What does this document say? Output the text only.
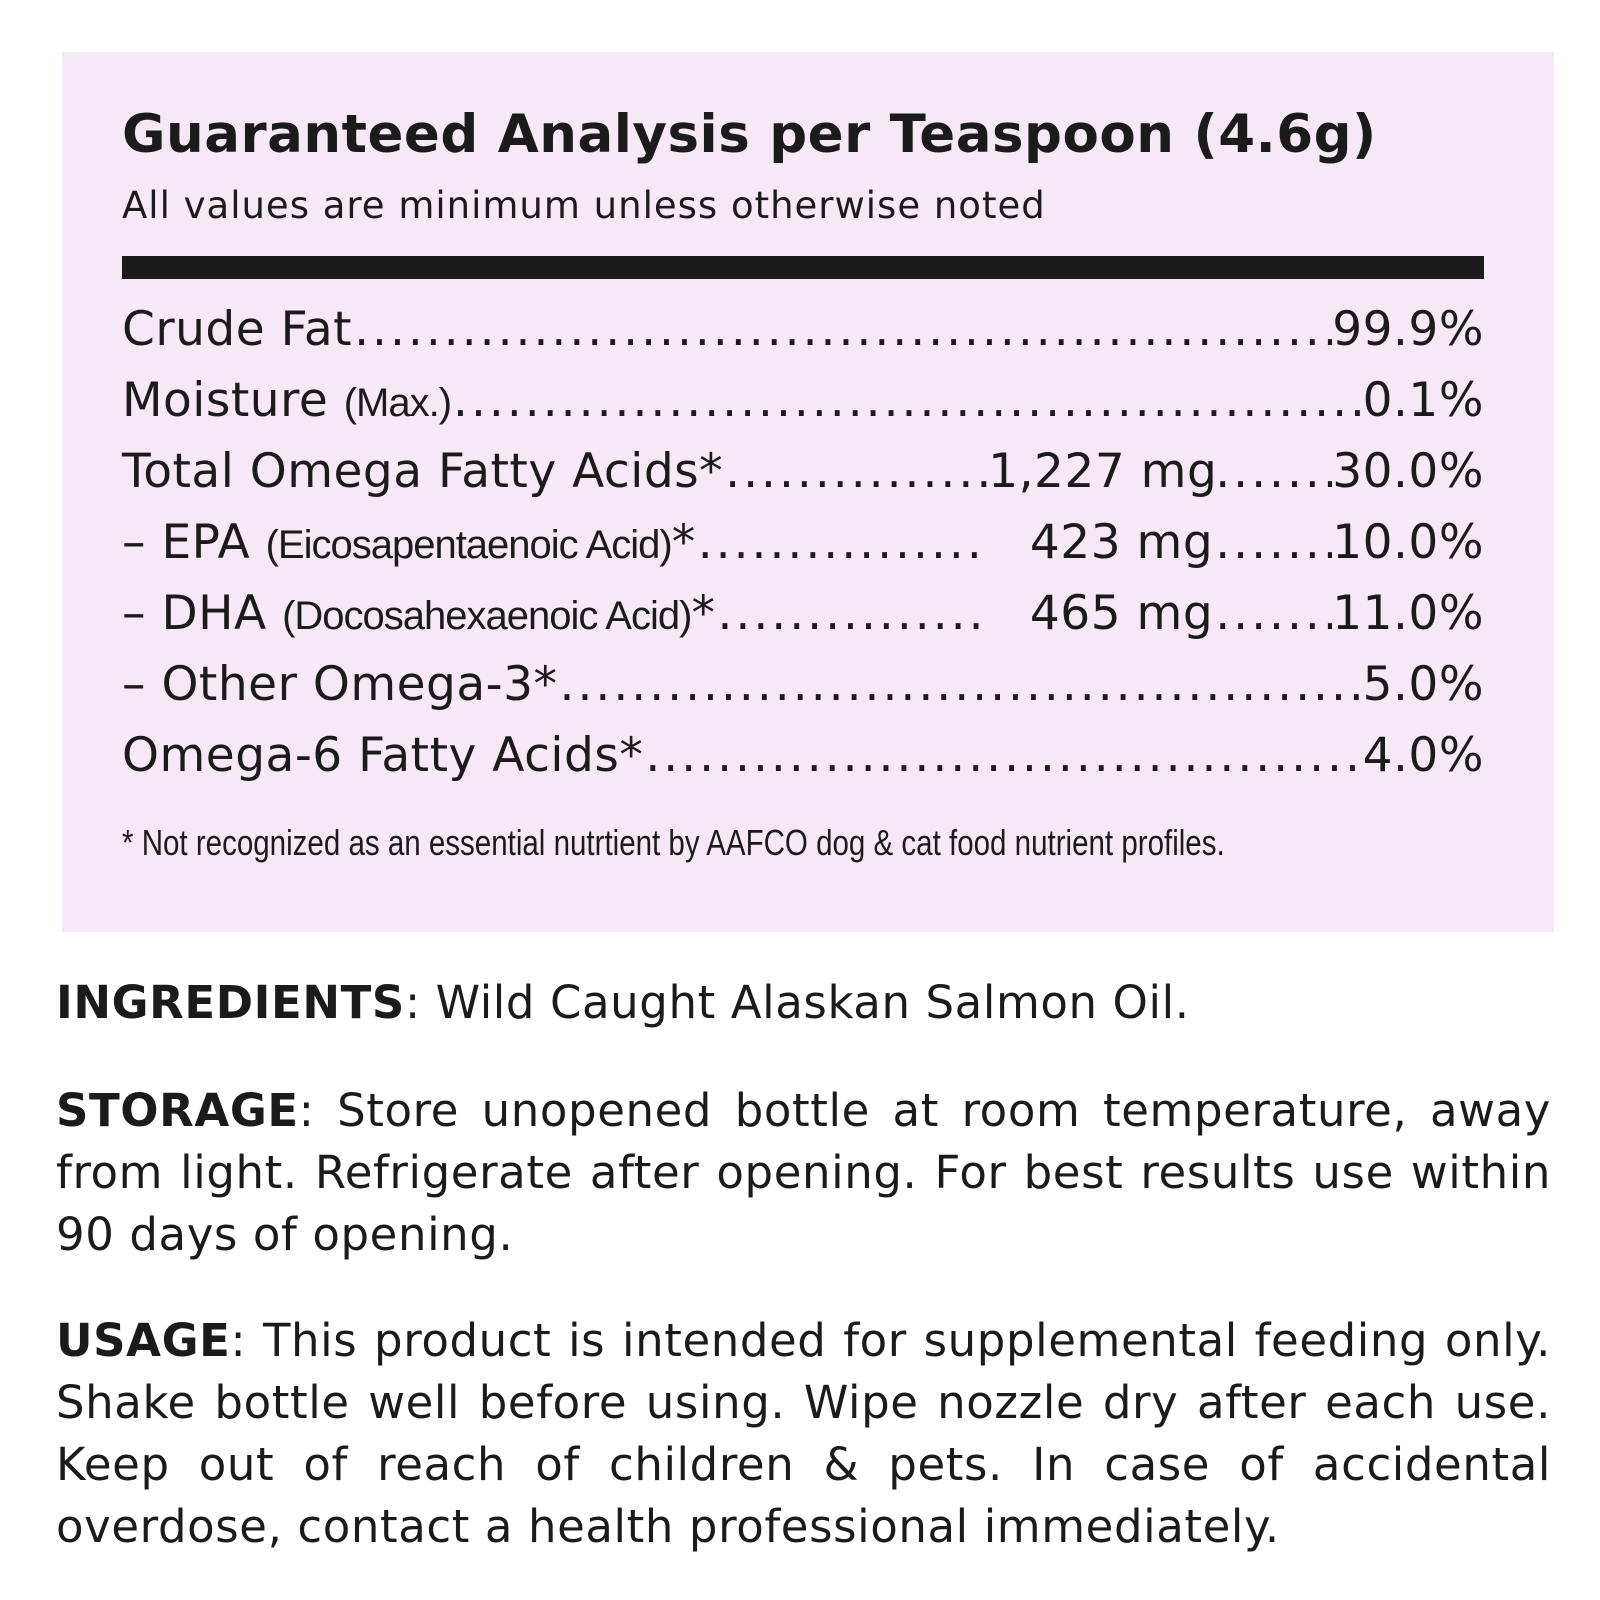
Guaranteed Analysis per Teaspoon (4.6g)
All values are minimum unless otherwise noted
Crude Fat .....	99.9%
Moisture (Max.) .....	0.1%
Total Omega Fatty Acids* .....	1,227 mg ..... 30.0%
– EPA (Eicosapentaenoic Acid)* .....	423 mg .....	10.0%
– DHA (Docosahexaenoic Acid)* .....	465 mg .....	11.0%
– Other Omega-3* .....	5.0%
Omega-6 Fatty Acids* .....	4.0%
* Not recognized as an essential nutrtient by AAFCO dog & cat food nutrient profiles.
INGREDIENTS: Wild Caught Alaskan Salmon Oil.
STORAGE: Store unopened bottle at room temperature, away from light. Refrigerate after opening. For best results use within 90 days of opening.
USAGE: This product is intended for supplemental feeding only. Shake bottle well before using. Wipe nozzle dry after each use. Keep out of reach of children & pets. In case of accidental overdose, contact a health professional immediately.
